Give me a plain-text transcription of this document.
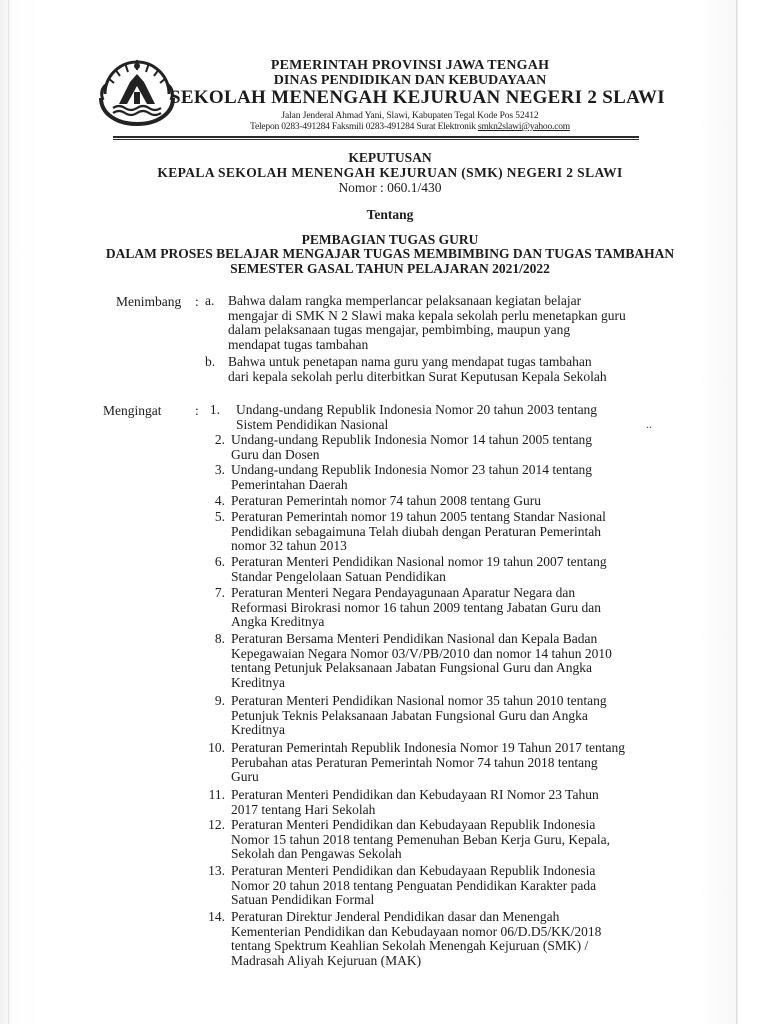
PEMERINTAH PROVINSI JAWA TENGAH
DINAS PENDIDIKAN DAN KEBUDAYAAN
SEKOLAH MENENGAH KEJURUAN NEGERI 2 SLAWI
Jalan Jenderal Ahmad Yani, Slawi, Kabupaten Tegal Kode Pos 52412
Telepon 0283-491284 Faksmili 0283-491284 Surat Elektronik smkn2slawi@yahoo.com
KEPUTUSAN
KEPALA SEKOLAH MENENGAH KEJURUAN (SMK) NEGERI 2 SLAWI
Nomor : 060.1/430
Tentang
PEMBAGIAN TUGAS GURU
DALAM PROSES BELAJAR MENGAJAR TUGAS MEMBIMBING DAN TUGAS TAMBAHAN
SEMESTER GASAL TAHUN PELAJARAN 2021/2022
Menimbang : a. Bahwa dalam rangka memperlancar pelaksanaan kegiatan belajar
mengajar di SMK N 2 Slawi maka kepala sekolah perlu menetapkan guru
dalam pelaksanaan tugas mengajar, pembimbing, maupun yang
mendapat tugas tambahan
b. Bahwa untuk penetapan nama guru yang mendapat tugas tambahan
dari kepala sekolah perlu diterbitkan Surat Keputusan Kepala Sekolah
Mengingat : 1. Undang-undang Republik Indonesia Nomor 20 tahun 2003 tentang
Sistem Pendidikan Nasional	..
2. Undang-undang Republik Indonesia Nomor 14 tahun 2005 tentang
Guru dan Dosen
3. Undang-undang Republik Indonesia Nomor 23 tahun 2014 tentang
Pemerintahan Daerah
4. Peraturan Pemerintah nomor 74 tahun 2008 tentang Guru
5. Peraturan Pemerintah nomor 19 tahun 2005 tentang Standar Nasional
Pendidikan sebagaimuna Telah diubah dengan Peraturan Pemerintah
nomor 32 tahun 2013
6. Peraturan Menteri Pendidikan Nasional nomor 19 tahun 2007 tentang
Standar Pengelolaan Satuan Pendidikan
7. Peraturan Menteri Negara Pendayagunaan Aparatur Negara dan
Reformasi Birokrasi nomor 16 tahun 2009 tentang Jabatan Guru dan
Angka Kreditnya
8. Peraturan Bersama Menteri Pendidikan Nasional dan Kepala Badan
Kepegawaian Negara Nomor 03/V/PB/2010 dan nomor 14 tahun 2010
tentang Petunjuk Pelaksanaan Jabatan Fungsional Guru dan Angka
Kreditnya
9. Peraturan Menteri Pendidikan Nasional nomor 35 tahun 2010 tentang
Petunjuk Teknis Pelaksanaan Jabatan Fungsional Guru dan Angka
Kreditnya
10. Peraturan Pemerintah Republik Indonesia Nomor 19 Tahun 2017 tentang
Perubahan atas Peraturan Pemerintah Nomor 74 tahun 2018 tentang
Guru
11. Peraturan Menteri Pendidikan dan Kebudayaan RI Nomor 23 Tahun
2017 tentang Hari Sekolah
12. Peraturan Menteri Pendidikan dan Kebudayaan Republik Indonesia
Nomor 15 tahun 2018 tentang Pemenuhan Beban Kerja Guru, Kepala,
Sekolah dan Pengawas Sekolah
13. Peraturan Menteri Pendidikan dan Kebudayaan Republik Indonesia
Nomor 20 tahun 2018 tentang Penguatan Pendidikan Karakter pada
Satuan Pendidikan Formal
14. Peraturan Direktur Jenderal Pendidikan dasar dan Menengah
Kementerian Pendidikan dan Kebudayaan nomor 06/D.D5/KK/2018
tentang Spektrum Keahlian Sekolah Menengah Kejuruan (SMK) /
Madrasah Aliyah Kejuruan (MAK)
